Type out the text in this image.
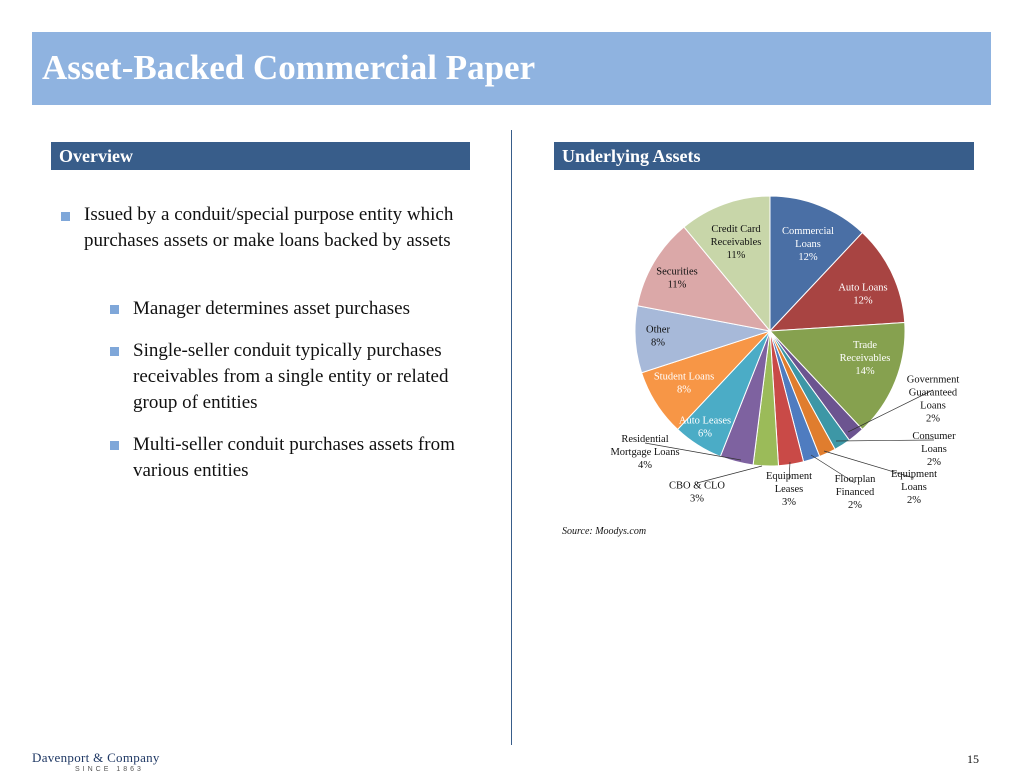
Asset-Backed Commercial Paper
Overview	Underlying Assets
Issued by a conduit/special purpose entity which purchases assets or make loans backed by assets
Manager determines asset purchases
Single-seller conduit typically purchases receivables from a single entity or related group of entities
Multi-seller conduit purchases assets from various entities
Commercial Loans 12%
Auto Loans 12%
Trade Receivables 14%
Government Guaranteed Loans 2%
Consumer Loans 2%
Equipment Loans 2%
Floorplan Financed 2%
Equipment Leases 3%
CBO & CLO 3%
Residential Mortgage Loans 4%
Auto Leases 6%
Student Loans 8%
Other 8%
Securities 11%
Credit Card Receivables 11%
Source: Moodys.com
Davenport & Company
SINCE 1863
15
